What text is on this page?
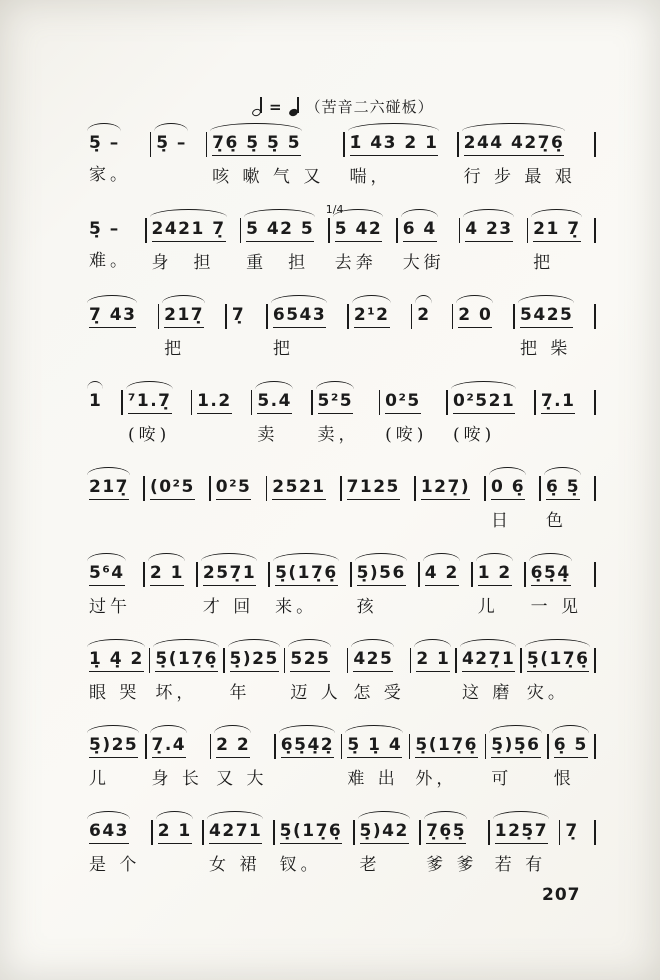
= （苦音二六碰板）
5̣ –
家。
5̣ –	7̣6̣ 5̣ 5̣ 5
咳 嗽 气 又
1̇ 43 2 1
喘，
244 427̣6̣
行 步 最 艰
5̣ –
难。
2421 7̣
身　担
5 42 5
重　担
1/4
5 42
去奔
6 4
大街
4 23	21 7̣
把
7̣ 43	217̣
把
7̣	6543
把
2¹2	2	2 0	5425
把 柴
1	⁷1.7̣
(咹)
1.2	5.4
卖
5²5
卖，
0²5
(咹)
0²521
(咹)
7̣.1
217̣	(0²5	0²5	2521	7125	127̣)	0 6̣
日
6̣ 5̣
色
5⁶4
过午
2 1	257̣1
才 回
5̣(17̣6̣
来。
5̣)56
孩
4 2	1 2
儿
6̣5̣4̣
一 见
1̣ 4̣ 2
眼 哭
5̣(17̣6̣
坏，
5̣)25
年
525
迈 人
425
怎 受
2 1 427̣1
这 磨
5̣(17̣6̣
灾。
5̣)25
儿
7̣.4
身 长
2 2
又 大
6̣5̣4̣2̣ 5̣ 1̣ 4
难 出
5̣(17̣6̣
外，
5̣)5̣6
可
6̣ 5
恨
643
是 个
2 1	4271
女 裙
5̣(17̣6̣
钗。
5̣)42
老
7̣6̣5̣
爹 爹
125̣7
若 有
7̣
207
